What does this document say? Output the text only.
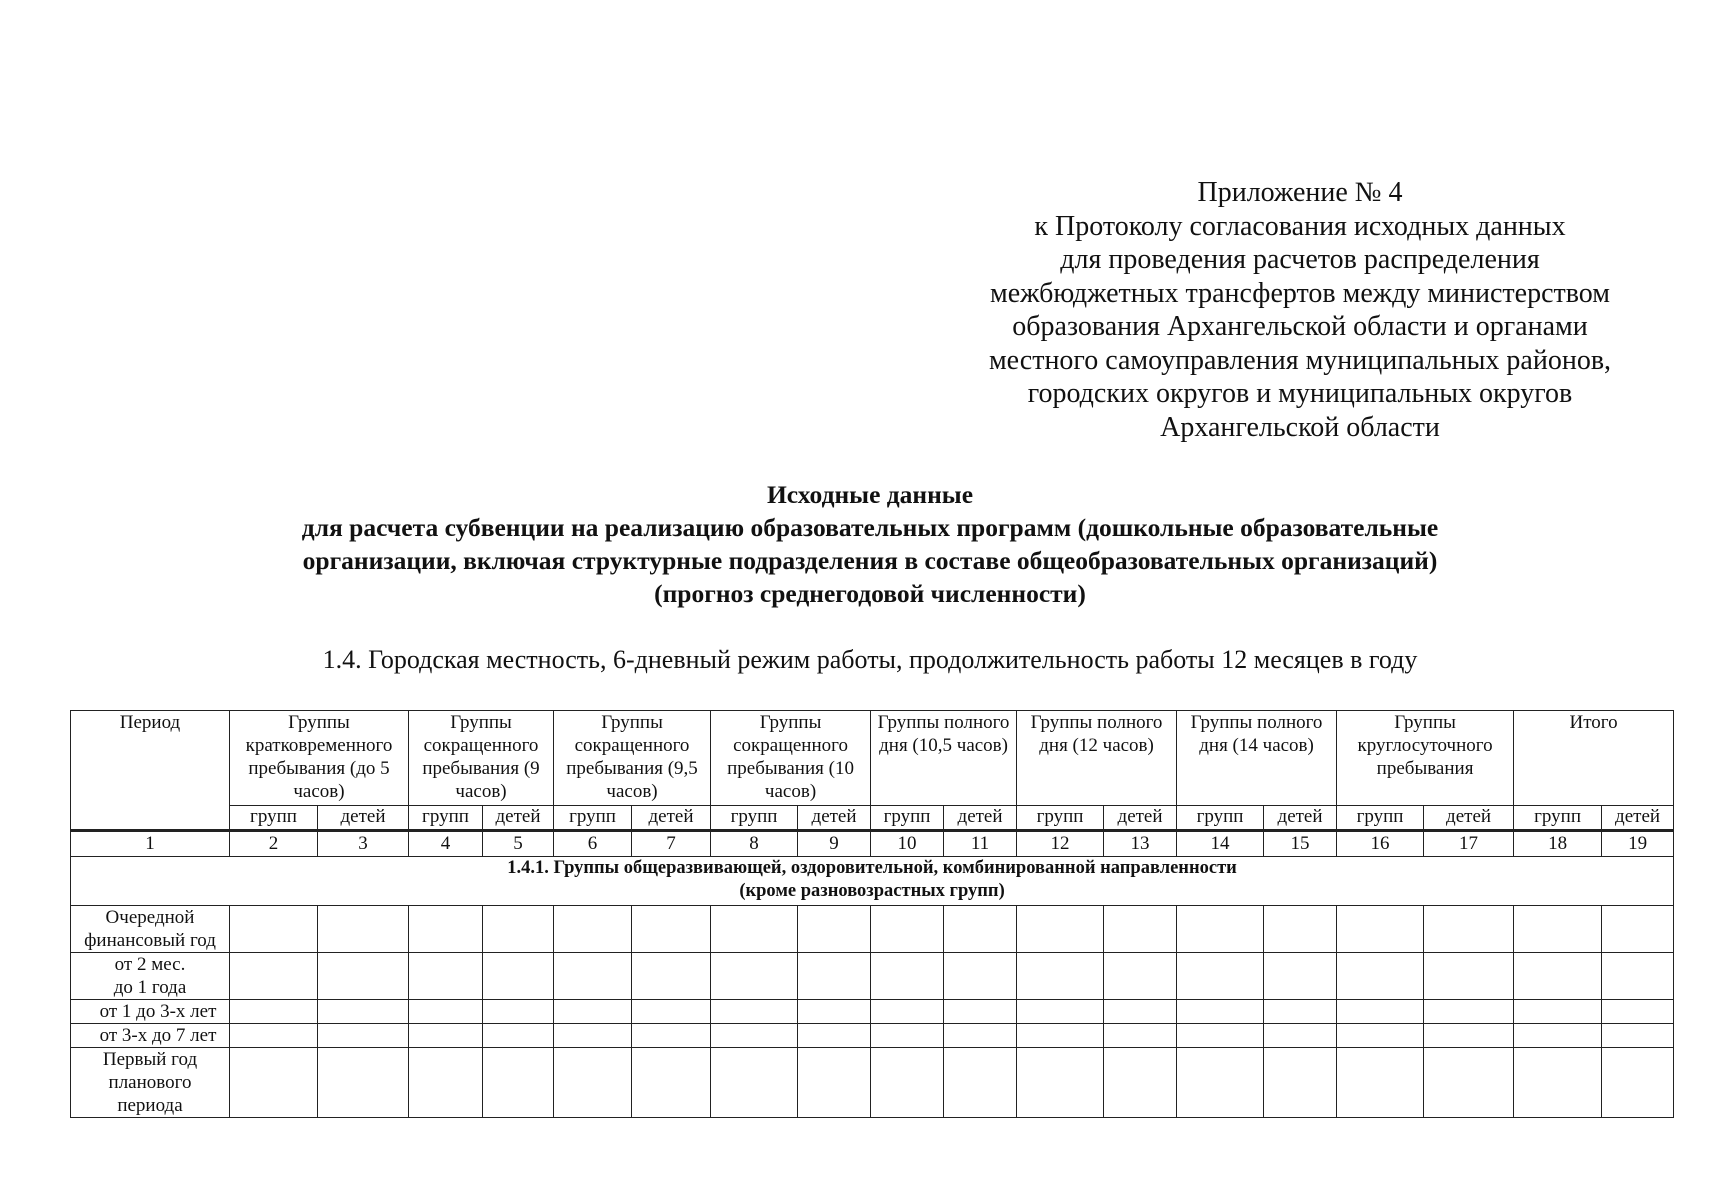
Приложение № 4
к Протоколу согласования исходных данных
для проведения расчетов распределения
межбюджетных трансфертов между министерством
образования Архангельской области и органами
местного самоуправления муниципальных районов,
городских округов и муниципальных округов
Архангельской области
Исходные данные
для расчета субвенции на реализацию образовательных программ (дошкольные образовательные
организации, включая структурные подразделения в составе общеобразовательных организаций)
(прогноз среднегодовой численности)
1.4. Городская местность, 6-дневный режим работы, продолжительность работы 12 месяцев в году
Период	Группы кратковременного пребывания (до 5 часов)		Группы сокращенного пребывания (9 часов)		Группы сокращенного пребывания (9,5 часов)		Группы сокращенного пребывания (10 часов)		Группы полного дня (10,5 часов)		Группы полного дня (12 часов)		Группы полного дня (14 часов)		Группы круглосуточного пребывания		Итого	
	групп	детей	групп	детей	групп	детей	групп	детей	групп	детей	групп	детей	групп	детей	групп	детей	групп	детей
1	2	3	4	5	6	7	8	9	10	11	12	13	14	15	16	17	18	19

1.4.1. Группы общеразвивающей, оздоровительной, комбинированной направленности
(кроме разновозрастных групп)																		

Очередной
финансовый год																		

от 2 мес.
до 1 года																		

от 1 до 3-х лет																		
от 3-х до 7 лет																		

Первый год
планового
периода																		
